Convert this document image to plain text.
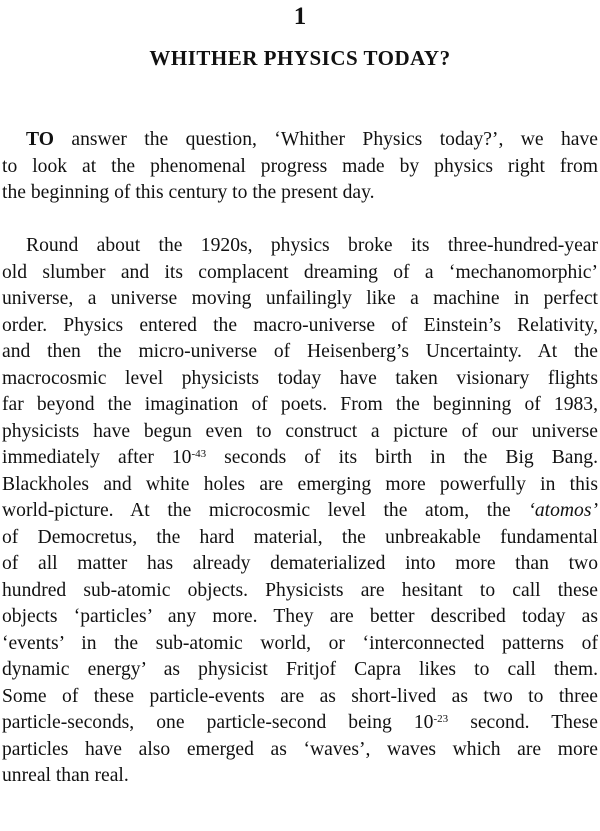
1
WHITHER PHYSICS TODAY?

TO answer the question, ‘Whither Physics today?’, we have
to look at the phenomenal progress made by physics right from
the beginning of this century to the present day.

Round about the 1920s, physics broke its three-hundred-year
old slumber and its complacent dreaming of a ‘mechanomorphic’
universe, a universe moving unfailingly like a machine in perfect
order. Physics entered the macro-universe of Einstein’s Relativity,
and then the micro-universe of Heisenberg’s Uncertainty. At the
macrocosmic level physicists today have taken visionary flights
far beyond the imagination of poets. From the beginning of 1983,
physicists have begun even to construct a picture of our universe
immediately after $10^{-43}$ seconds of its birth in the Big Bang.
Blackholes and white holes are emerging more powerfully in this
world-picture. At the microcosmic level the atom, the ‘atomos’
of Democretus, the hard material, the unbreakable fundamental
of all matter has already dematerialized into more than two
hundred sub-atomic objects. Physicists are hesitant to call these
objects ‘particles’ any more. They are better described today as
‘events’ in the sub-atomic world, or ‘interconnected patterns of
dynamic energy’ as physicist Fritjof Capra likes to call them.
Some of these particle-events are as short-lived as two to three
particle-seconds, one particle-second being $10^{-23}$ second. These
particles have also emerged as ‘waves’, waves which are more
unreal than real.
